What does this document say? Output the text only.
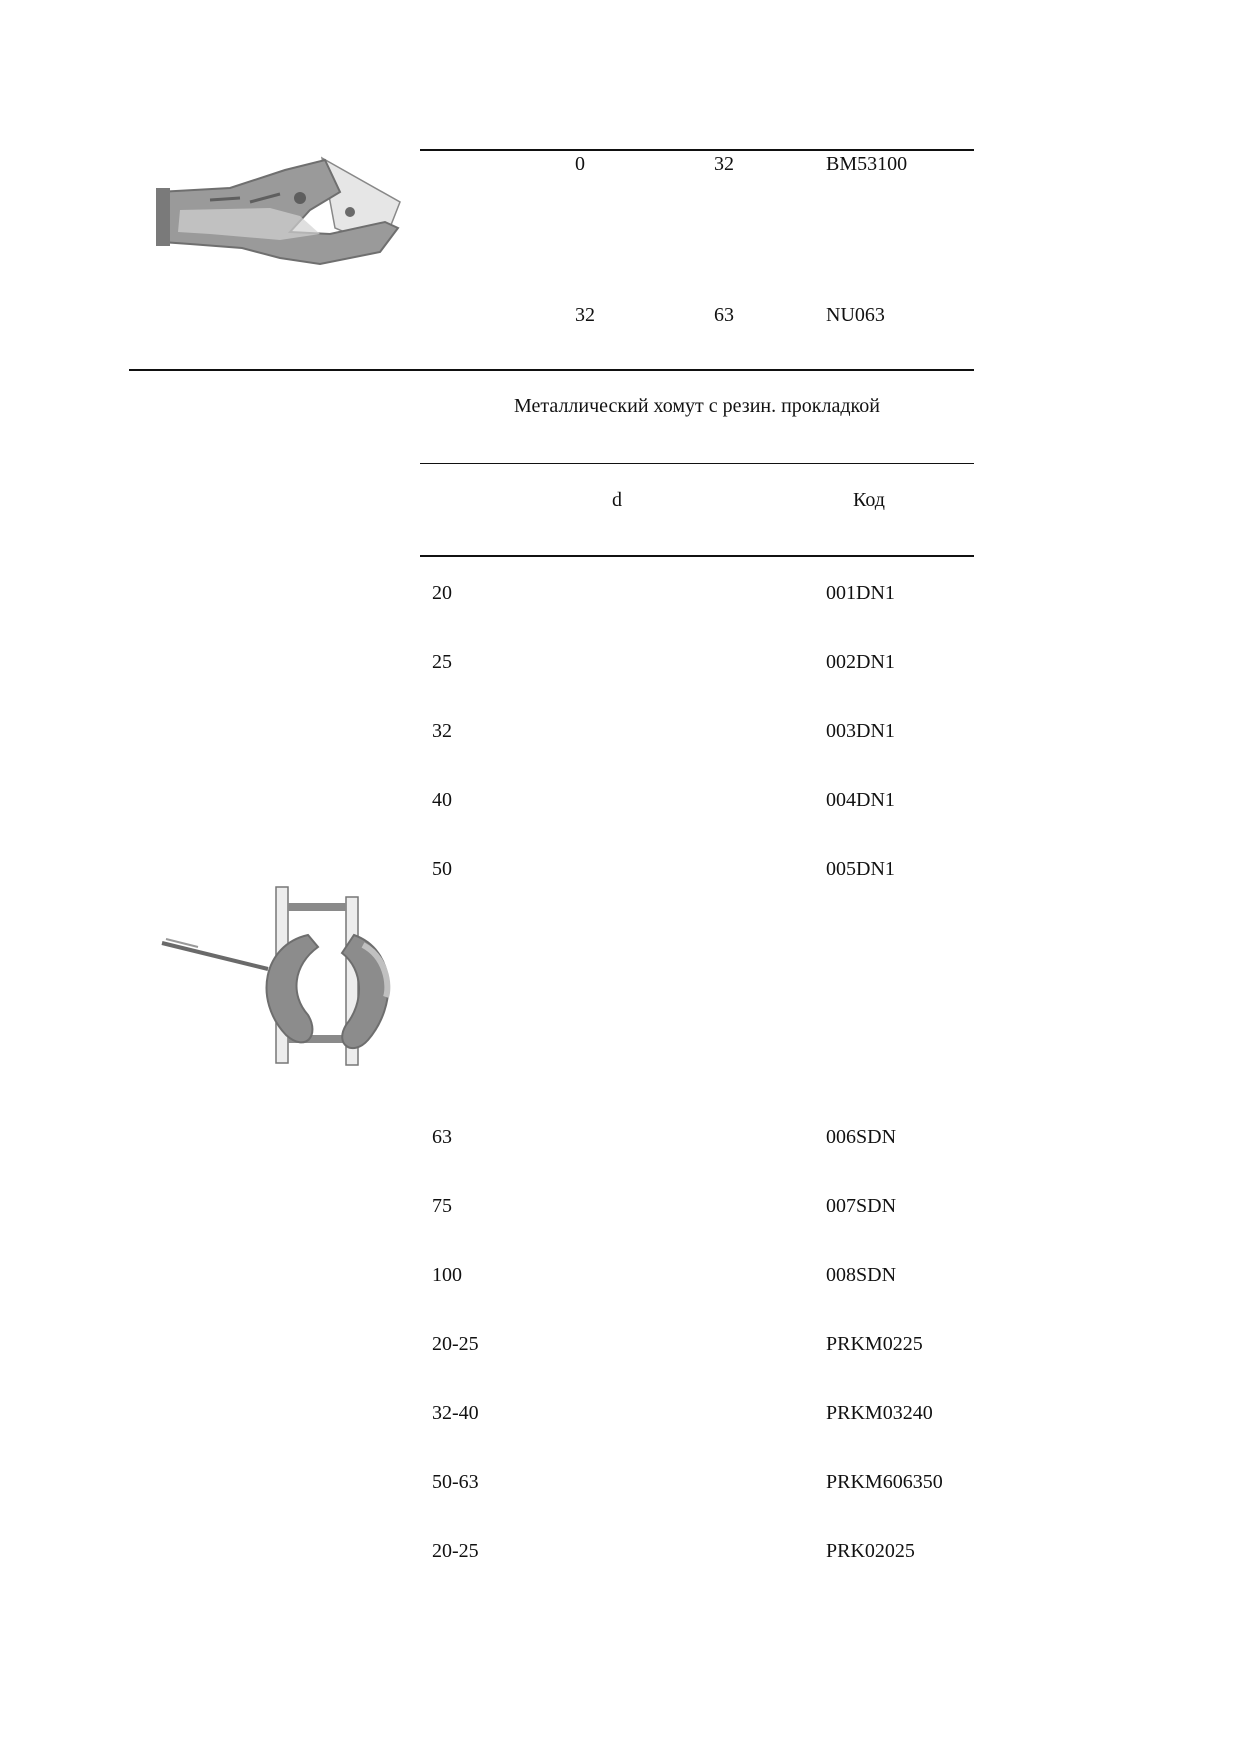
0	32	BM53100
32	63	NU063
Металлический хомут с резин. прокладкой
d	Код
20	001DN1
25	002DN1
32	003DN1
40	004DN1
50	005DN1
63	006SDN
75	007SDN
100	008SDN
20-25	PRKM0225
32-40	PRKM03240
50-63	PRKM606350
20-25	PRK02025
